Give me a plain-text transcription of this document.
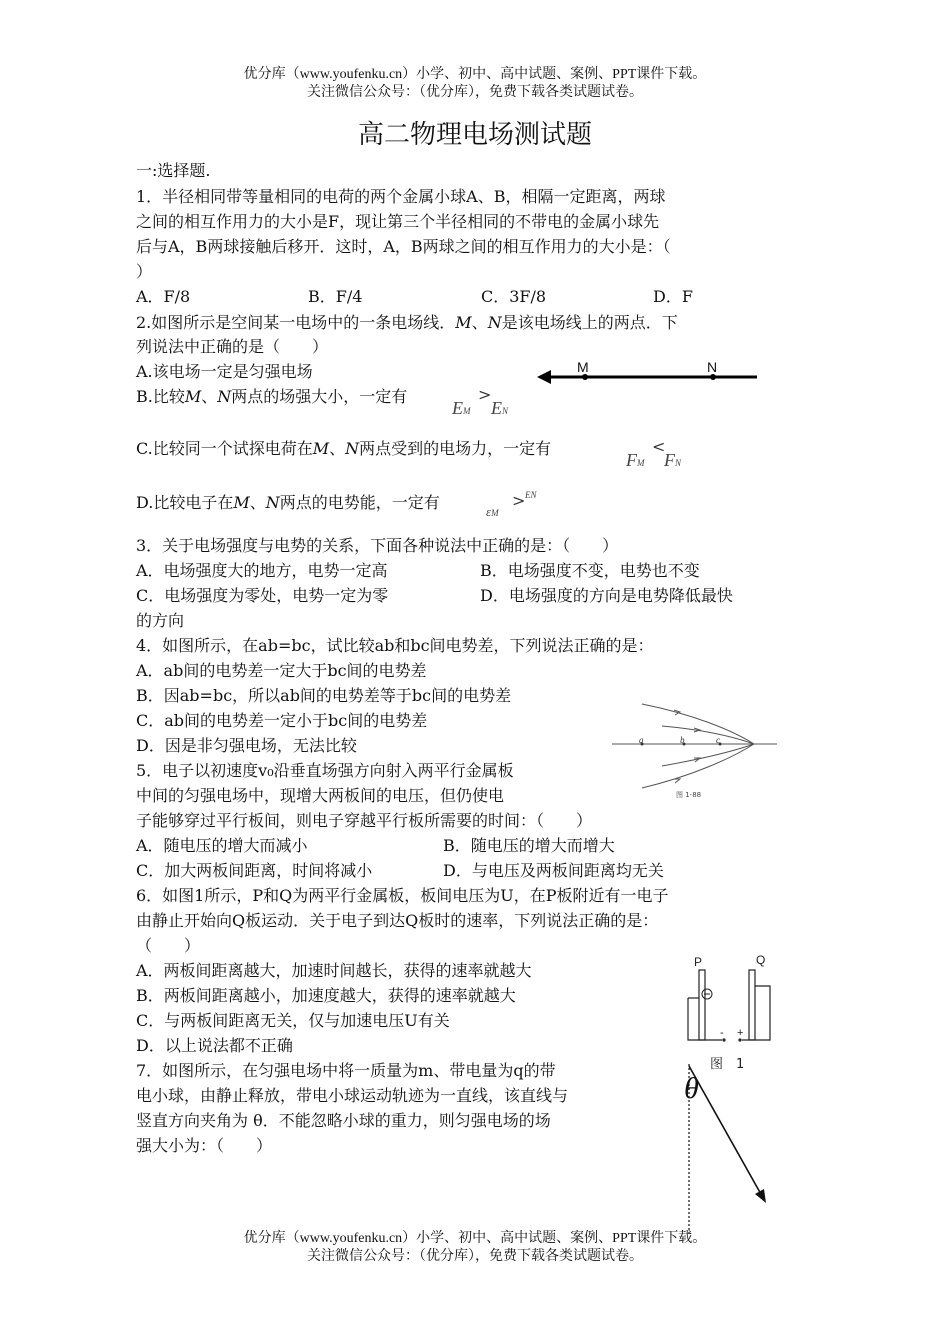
优分库（www.youfenku.cn）小学、初中、高中试题、案例、PPT课件下载。
关注微信公众号：（优分库），免费下载各类试题试卷。
高二物理电场测试题
一:选择题.
1．半径相同带等量相同的电荷的两个金属小球A、B，相隔一定距离，两球
之间的相互作用力的大小是F，现让第三个半径相同的不带电的金属小球先
后与A，B两球接触后移开．这时，A，B两球之间的相互作用力的大小是：（
）
A．F/8	B．F/4	C．3F/8	D．F
2.如图所示是空间某一电场中的一条电场线．M、N是该电场线上的两点．下
列说法中正确的是（　　）
A.该电场一定是匀强电场	M	N
B.比较M、N两点的场强大小，一定有
EM
>
EN
C.比较同一个试探电荷在M、N两点受到的电场力，一定有
FM
<
FN
D.比较电子在M、N两点的电势能，一定有	εM
> EN
3．关于电场强度与电势的关系，下面各种说法中正确的是：（　　）
A．电场强度大的地方，电势一定高	B．电场强度不变，电势也不变
C．电场强度为零处，电势一定为零	D．电场强度的方向是电势降低最快
的方向
4．如图所示，在ab=bc，试比较ab和bc间电势差，下列说法正确的是：
A．ab间的电势差一定大于bc间的电势差
B．因ab=bc，所以ab间的电势差等于bc间的电势差
C．ab间的电势差一定小于bc间的电势差
D．因是非匀强电场，无法比较	a	b	c
图 1-88
5．电子以初速度v₀沿垂直场强方向射入两平行金属板
中间的匀强电场中，现增大两板间的电压，但仍使电
子能够穿过平行板间，则电子穿越平行板所需要的时间：（　　）
A．随电压的增大而减小	B．随电压的增大而增大
C．加大两板间距离，时间将减小	D．与电压及两板间距离均无关
6．如图1所示，P和Q为两平行金属板，板间电压为U，在P板附近有一电子
由静止开始向Q板运动．关于电子到达Q板时的速率，下列说法正确的是：
（　　）
A．两板间距离越大，加速时间越长，获得的速率就越大
B．两板间距离越小，加速度越大，获得的速率就越大
C．与两板间距离无关，仅与加速电压U有关
D．以上说法都不正确
P	Q
- +
图　1
7．如图所示，在匀强电场中将一质量为m、带电量为q的带
电小球，由静止释放，带电小球运动轨迹为一直线，该直线与
竖直方向夹角为 θ．不能忽略小球的重力，则匀强电场的场
强大小为：（　　）
θ
优分库（www.youfenku.cn）小学、初中、高中试题、案例、PPT课件下载。
关注微信公众号：（优分库），免费下载各类试题试卷。
